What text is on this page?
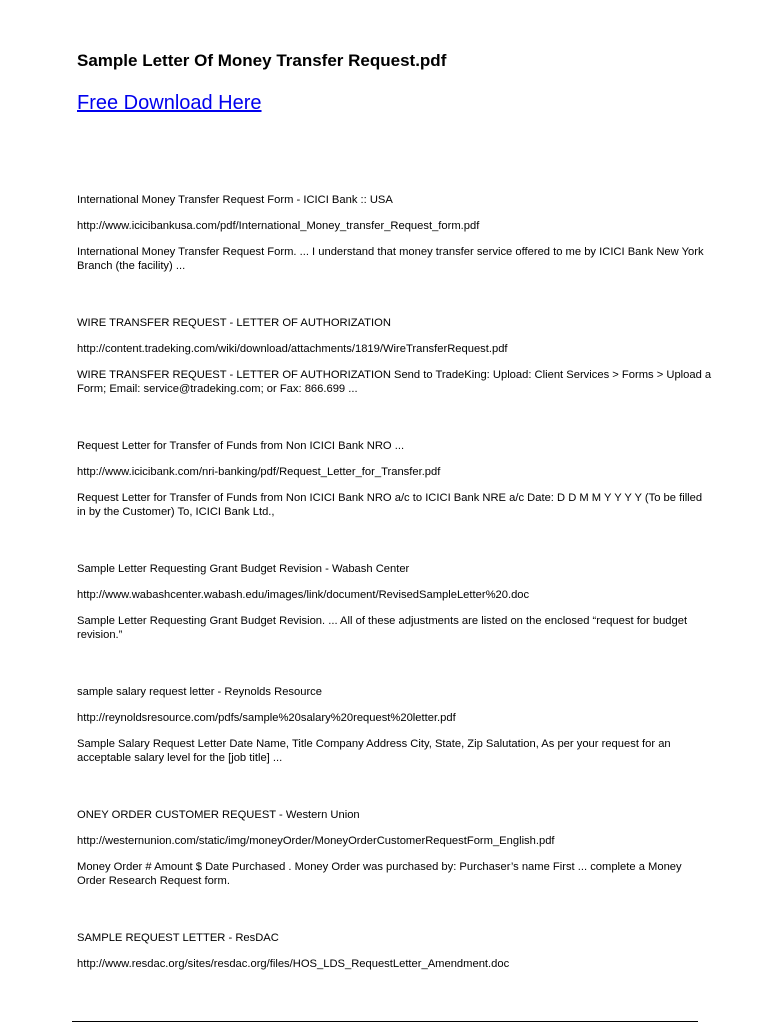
Sample Letter Of Money Transfer Request.pdf
Free Download Here

International Money Transfer Request Form - ICICI Bank :: USA

http://www.icicibankusa.com/pdf/International_Money_transfer_Request_form.pdf

International Money Transfer Request Form. ... I understand that money transfer service offered to me by ICICI Bank New York Branch (the facility) ...

WIRE TRANSFER REQUEST - LETTER OF AUTHORIZATION

http://content.tradeking.com/wiki/download/attachments/1819/WireTransferRequest.pdf

WIRE TRANSFER REQUEST - LETTER OF AUTHORIZATION Send to TradeKing: Upload: Client Services > Forms > Upload a Form; Email: service@tradeking.com; or Fax: 866.699 ...

Request Letter for Transfer of Funds from Non ICICI Bank NRO ...

http://www.icicibank.com/nri-banking/pdf/Request_Letter_for_Transfer.pdf

Request Letter for Transfer of Funds from Non ICICI Bank NRO a/c to ICICI Bank NRE a/c Date: D D M M Y Y Y Y (To be filled in by the Customer) To, ICICI Bank Ltd.,

Sample Letter Requesting Grant Budget Revision - Wabash Center

http://www.wabashcenter.wabash.edu/images/link/document/RevisedSampleLetter%20.doc

Sample Letter Requesting Grant Budget Revision. ... All of these adjustments are listed on the enclosed “request for budget revision.”

sample salary request letter - Reynolds Resource

http://reynoldsresource.com/pdfs/sample%20salary%20request%20letter.pdf

Sample Salary Request Letter Date Name, Title Company Address City, State, Zip Salutation, As per your request for an acceptable salary level for the [job title] ...

ONEY ORDER CUSTOMER REQUEST - Western Union

http://westernunion.com/static/img/moneyOrder/MoneyOrderCustomerRequestForm_English.pdf

Money Order # Amount $ Date Purchased . Money Order was purchased by: Purchaser’s name First ... complete a Money Order Research Request form.

SAMPLE REQUEST LETTER - ResDAC

http://www.resdac.org/sites/resdac.org/files/HOS_LDS_RequestLetter_Amendment.doc
